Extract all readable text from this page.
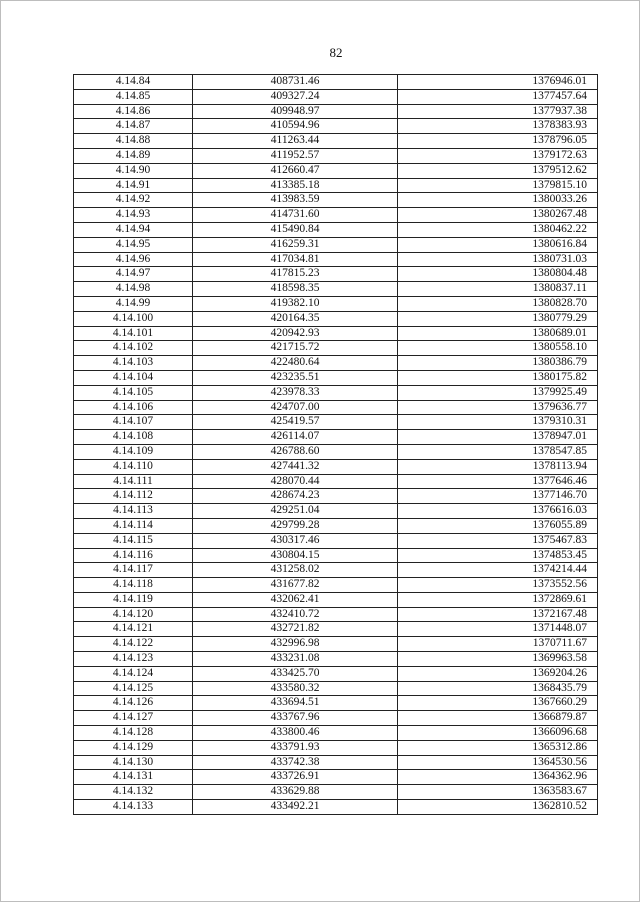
82
4.14.84	408731.46	1376946.01
4.14.85	409327.24	1377457.64
4.14.86	409948.97	1377937.38
4.14.87	410594.96	1378383.93
4.14.88	411263.44	1378796.05
4.14.89	411952.57	1379172.63
4.14.90	412660.47	1379512.62
4.14.91	413385.18	1379815.10
4.14.92	413983.59	1380033.26
4.14.93	414731.60	1380267.48
4.14.94	415490.84	1380462.22
4.14.95	416259.31	1380616.84
4.14.96	417034.81	1380731.03
4.14.97	417815.23	1380804.48
4.14.98	418598.35	1380837.11
4.14.99	419382.10	1380828.70
4.14.100	420164.35	1380779.29
4.14.101	420942.93	1380689.01
4.14.102	421715.72	1380558.10
4.14.103	422480.64	1380386.79
4.14.104	423235.51	1380175.82
4.14.105	423978.33	1379925.49
4.14.106	424707.00	1379636.77
4.14.107	425419.57	1379310.31
4.14.108	426114.07	1378947.01
4.14.109	426788.60	1378547.85
4.14.110	427441.32	1378113.94
4.14.111	428070.44	1377646.46
4.14.112	428674.23	1377146.70
4.14.113	429251.04	1376616.03
4.14.114	429799.28	1376055.89
4.14.115	430317.46	1375467.83
4.14.116	430804.15	1374853.45
4.14.117	431258.02	1374214.44
4.14.118	431677.82	1373552.56
4.14.119	432062.41	1372869.61
4.14.120	432410.72	1372167.48
4.14.121	432721.82	1371448.07
4.14.122	432996.98	1370711.67
4.14.123	433231.08	1369963.58
4.14.124	433425.70	1369204.26
4.14.125	433580.32	1368435.79
4.14.126	433694.51	1367660.29
4.14.127	433767.96	1366879.87
4.14.128	433800.46	1366096.68
4.14.129	433791.93	1365312.86
4.14.130	433742.38	1364530.56
4.14.131	433726.91	1364362.96
4.14.132	433629.88	1363583.67
4.14.133	433492.21	1362810.52
